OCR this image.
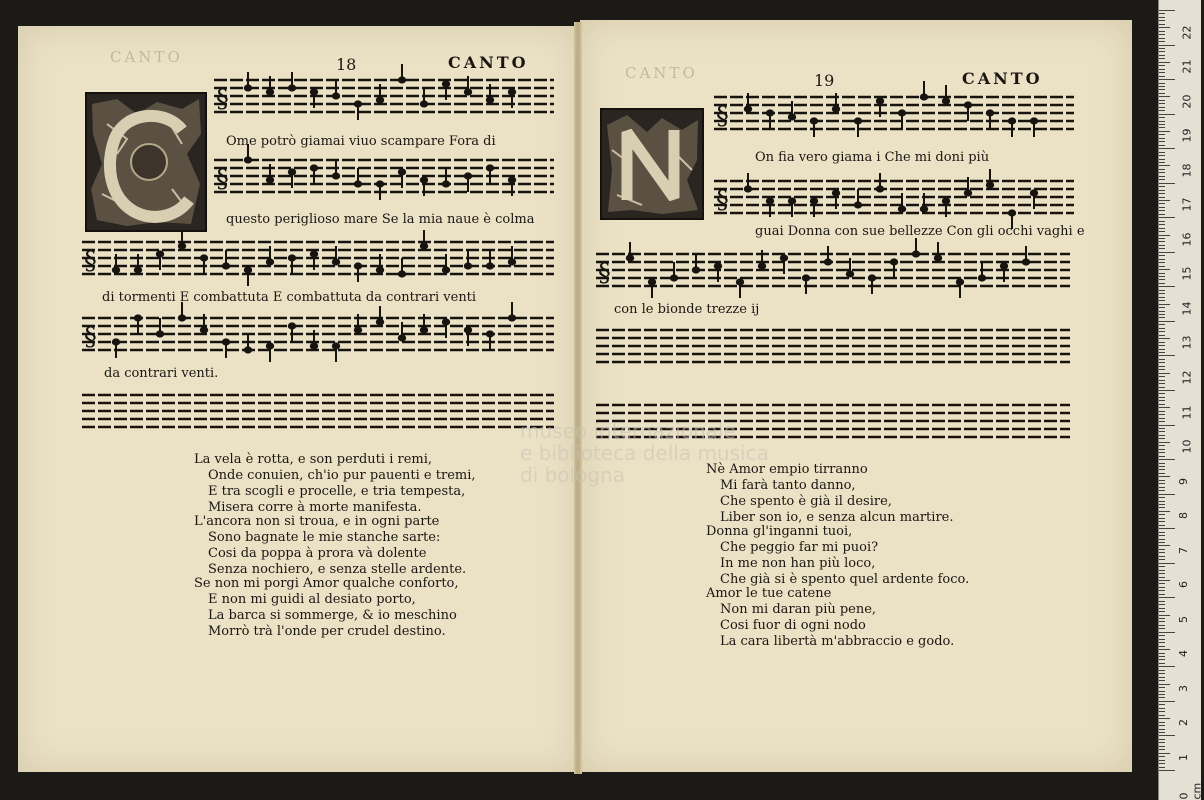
CANTO
CANTO
18	CANTO
19	CANTO
§
§
§
§
§
§
§
Ome potrò giamai viuo scampare Fora di
questo periglioso mare Se la mia naue è colma
di tormenti E combattuta E combattuta da contrari venti
da contrari venti.
On fia vero giama i Che mi doni più
guai Donna con sue bellezze Con gli occhi vaghi e
con le bionde trezze ij
La vela è rotta, e son perduti i remi,
Onde conuien, ch'io pur pauenti e tremi,
E tra scogli e procelle, e tria tempesta,
Misera corre à morte manifesta.
L'ancora non si troua, e in ogni parte
Sono bagnate le mie stanche sarte:
Cosi da poppa à prora và dolente
Senza nochiero, e senza stelle ardente.
Se non mi porgi Amor qualche conforto,
E non mi guidi al desiato porto,
La barca si sommerge, & io meschino
Morrò trà l'onde per crudel destino.
Nè Amor empio tirranno
Mi farà tanto danno,
Che spento è già il desire,
Liber son io, e senza alcun martire.
Donna gl'inganni tuoi,
Che peggio far mi puoi?
In me non han più loco,
Che già si è spento quel ardente foco.
Amor le tue catene
Non mi daran più pene,
Cosi fuor di ogni nodo
La cara libertà m'abbraccio e godo.
museo internazionale
e biblioteca della musica
di bologna
22
21
20
19
18
17
16
15
14
13
12
11
10
9
8
7
6
5
4
3
2
1
0 cm
